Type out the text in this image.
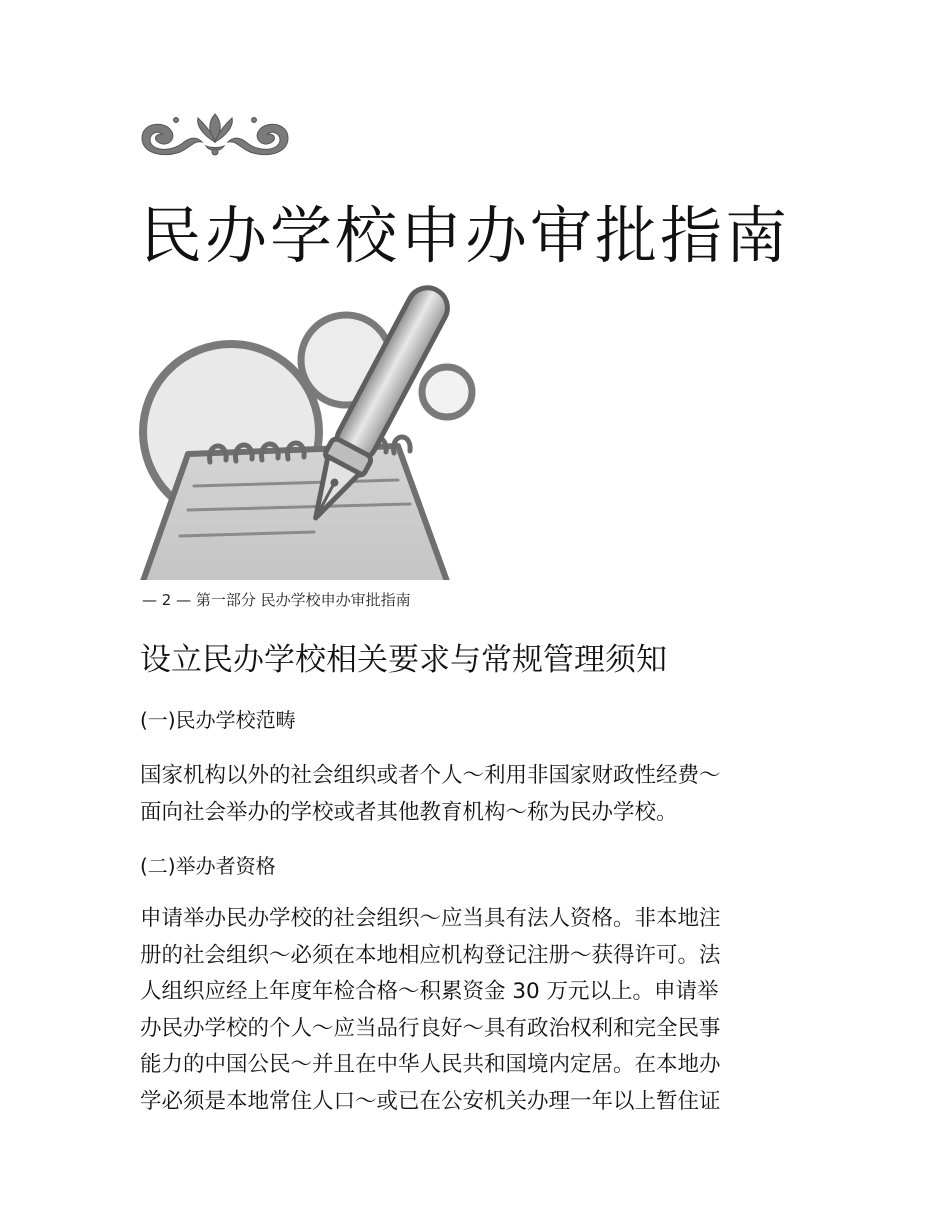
民办学校申办审批指南
— 2 — 第一部分 民办学校申办审批指南
设立民办学校相关要求与常规管理须知
(一)民办学校范畴
国家机构以外的社会组织或者个人～利用非国家财政性经费～
面向社会举办的学校或者其他教育机构～称为民办学校。
(二)举办者资格
申请举办民办学校的社会组织～应当具有法人资格。非本地注
册的社会组织～必须在本地相应机构登记注册～获得许可。法
人组织应经上年度年检合格～积累资金 30 万元以上。申请举
办民办学校的个人～应当品行良好～具有政治权利和完全民事
能力的中国公民～并且在中华人民共和国境内定居。在本地办
学必须是本地常住人口～或已在公安机关办理一年以上暂住证
